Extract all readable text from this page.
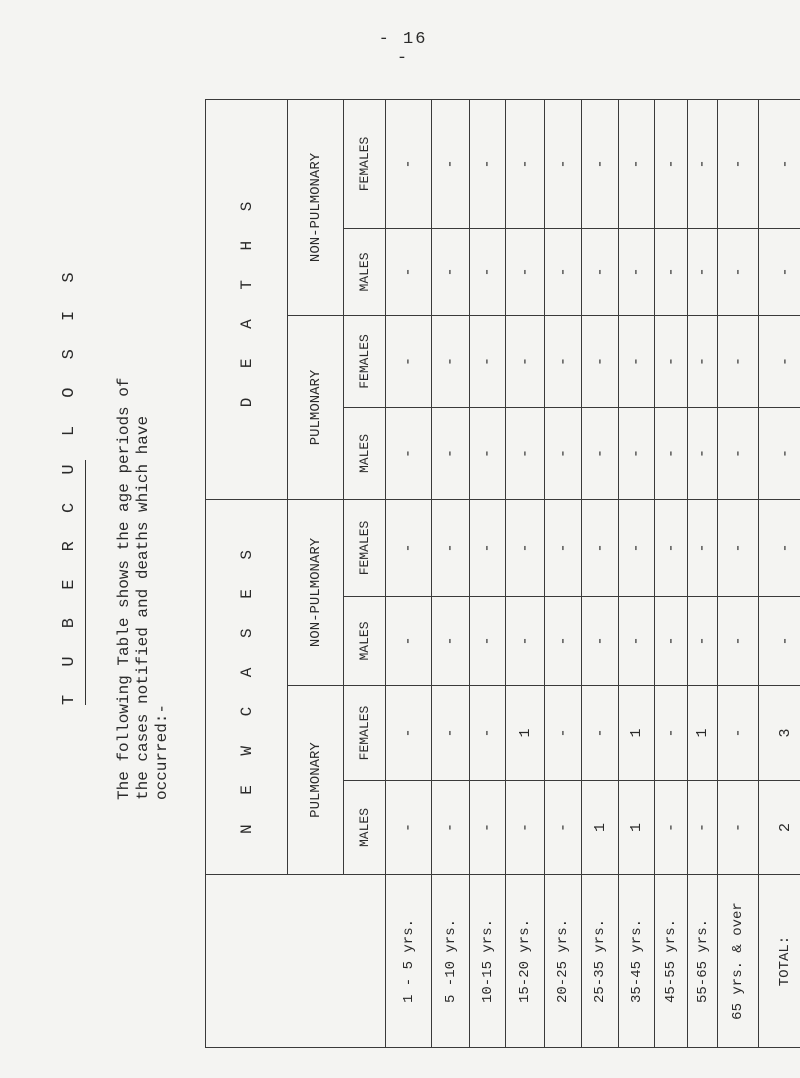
- 16 -
T U B E R C U L O S I S The following Table shows the age periods of the cases notified and deaths which have occurred:-
		N E W C A S E S				D E A T H S			
	PULMONARY		NON-PULMONARY		PULMONARY		NON-PULMONARY	
	MALES	FEMALES	MALES	FEMALES	MALES	FEMALES	MALES	FEMALES
1 - 5 yrs.	-	-	-	-	-	-	-	-
5 -10 yrs.	-	-	-	-	-	-	-	-
10-15 yrs.	-	-	-	-	-	-	-	-
15-20 yrs.	-	1	-	-	-	-	-	-
20-25 yrs.	-	-	-	-	-	-	-	-
25-35 yrs.	1	-	-	-	-	-	-	-
35-45 yrs.	1	1	-	-	-	-	-	-
45-55 yrs.	-	-	-	-	-	-	-	-
55-65 yrs.	-	1	-	-	-	-	-	-
65 yrs. & over	-	-	-	-	-	-	-	-
TOTAL:	2	3	-	-	-	-	-	-
